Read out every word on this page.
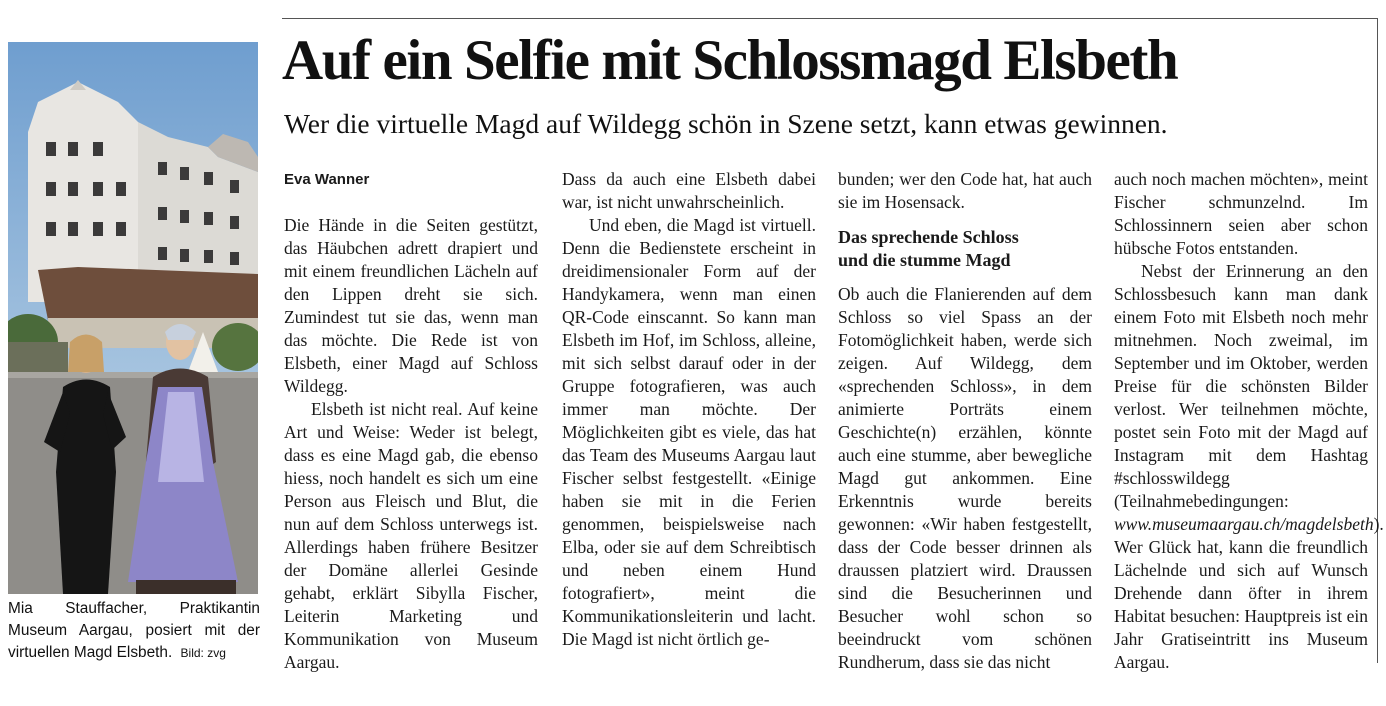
Mia Stauffacher, Praktikantin Museum Aargau, posiert mit der virtuellen Magd Elsbeth. Bild: zvg
Auf ein Selfie mit Schlossmagd Elsbeth

Wer die virtuelle Magd auf Wildegg schön in Szene setzt, kann etwas gewinnen.

Eva Wanner

Die Hände in die Seiten gestützt, das Häubchen adrett drapiert und mit einem freundlichen Lächeln auf den Lippen dreht sie sich. Zumindest tut sie das, wenn man das möchte. Die Rede ist von Elsbeth, einer Magd auf Schloss Wildegg.

Elsbeth ist nicht real. Auf keine Art und Weise: Weder ist belegt, dass es eine Magd gab, die ebenso hiess, noch handelt es sich um eine Person aus Fleisch und Blut, die nun auf dem Schloss unterwegs ist. Allerdings haben frühere Besitzer der Domäne allerlei Gesinde gehabt, erklärt Sibylla Fischer, Leiterin Marketing und Kommunikation von Museum Aargau.

Dass da auch eine Elsbeth dabei war, ist nicht unwahrscheinlich.

Und eben, die Magd ist virtuell. Denn die Bedienstete erscheint in dreidimensionaler Form auf der Handykamera, wenn man einen QR-Code einscannt. So kann man Elsbeth im Hof, im Schloss, alleine, mit sich selbst darauf oder in der Gruppe fotografieren, was auch immer man möchte. Der Möglichkeiten gibt es viele, das hat das Team des Museums Aargau laut Fischer selbst festgestellt. «Einige haben sie mit in die Ferien genommen, beispielsweise nach Elba, oder sie auf dem Schreibtisch und neben einem Hund fotografiert», meint die Kommunikationsleiterin und lacht. Die Magd ist nicht örtlich ge-

bunden; wer den Code hat, hat auch sie im Hosensack.

Das sprechende Schloss
und die stumme Magd

Ob auch die Flanierenden auf dem Schloss so viel Spass an der Fotomöglichkeit haben, werde sich zeigen. Auf Wildegg, dem «sprechenden Schloss», in dem animierte Porträts einem Geschichte(n) erzählen, könnte auch eine stumme, aber bewegliche Magd gut ankommen. Eine Erkenntnis wurde bereits gewonnen: «Wir haben festgestellt, dass der Code besser drinnen als draussen platziert wird. Draussen sind die Besucherinnen und Besucher wohl schon so beeindruckt vom schönen Rundherum, dass sie das nicht

auch noch machen möchten», meint Fischer schmunzelnd. Im Schlossinnern seien aber schon hübsche Fotos entstanden.

Nebst der Erinnerung an den Schlossbesuch kann man dank einem Foto mit Elsbeth noch mehr mitnehmen. Noch zweimal, im September und im Oktober, werden Preise für die schönsten Bilder verlost. Wer teilnehmen möchte, postet sein Foto mit der Magd auf Instagram mit dem Hashtag #schlosswildegg (Teilnahmebedingungen: www.museumaargau.ch/magdelsbeth). Wer Glück hat, kann die freundlich Lächelnde und sich auf Wunsch Drehende dann öfter in ihrem Habitat besuchen: Hauptpreis ist ein Jahr Gratiseintritt ins Museum Aargau.
